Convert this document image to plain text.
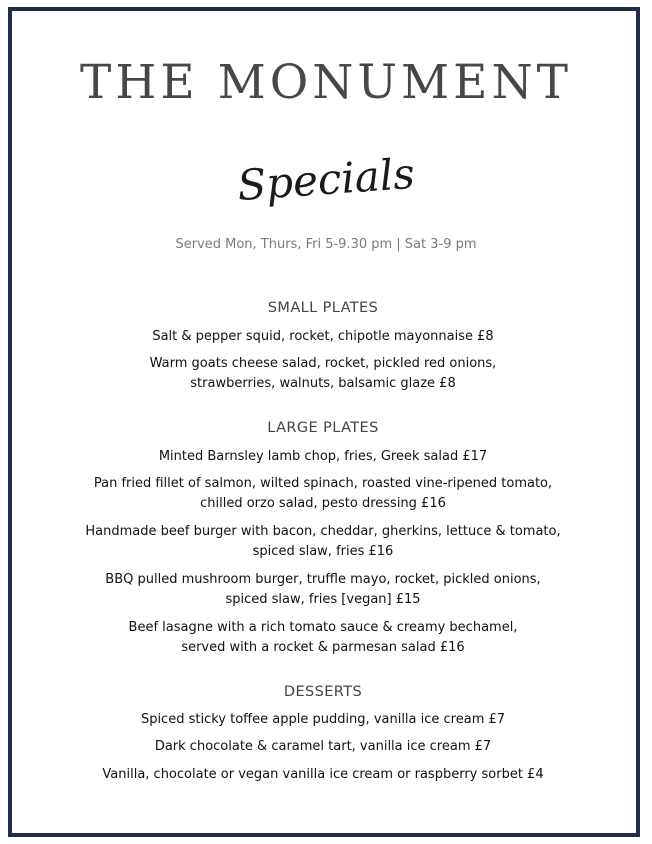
THE MONUMENT
Specials
Served Mon, Thurs, Fri 5-9.30 pm | Sat 3-9 pm
SMALL PLATES
Salt & pepper squid, rocket, chipotle mayonnaise £8
Warm goats cheese salad, rocket, pickled red onions,
strawberries, walnuts, balsamic glaze £8
LARGE PLATES
Minted Barnsley lamb chop, fries, Greek salad £17
Pan fried fillet of salmon, wilted spinach, roasted vine-ripened tomato,
chilled orzo salad, pesto dressing £16
Handmade beef burger with bacon, cheddar, gherkins, lettuce & tomato,
spiced slaw, fries £16
BBQ pulled mushroom burger, truffle mayo, rocket, pickled onions,
spiced slaw, fries [vegan] £15
Beef lasagne with a rich tomato sauce & creamy bechamel,
served with a rocket & parmesan salad £16
DESSERTS
Spiced sticky toffee apple pudding, vanilla ice cream £7
Dark chocolate & caramel tart, vanilla ice cream £7
Vanilla, chocolate or vegan vanilla ice cream or raspberry sorbet £4
